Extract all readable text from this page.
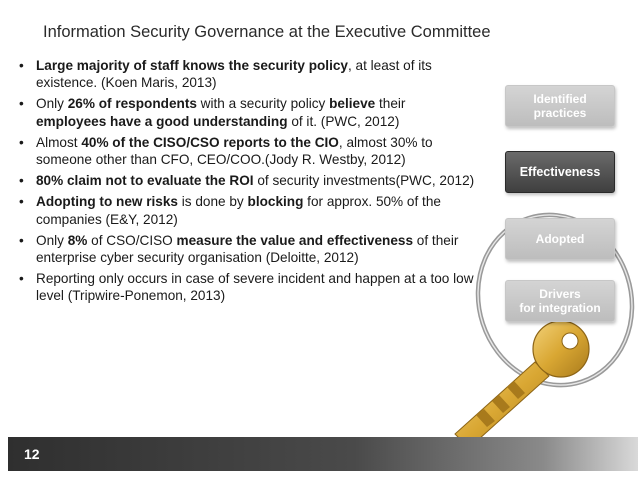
Information Security Governance at the Executive Committee
• Large majority of staff knows the security policy, at least of its existence. (Koen Maris, 2013)
• Only 26% of respondents with a security policy believe their employees have a good understanding of it. (PWC, 2012)
• Almost 40% of the CISO/CSO reports to the CIO, almost 30% to someone other than CFO, CEO/COO.(Jody R. Westby, 2012)
• 80% claim not to evaluate the ROI of security investments(PWC, 2012)
• Adopting to new risks is done by blocking for approx. 50% of the companies (E&Y, 2012)
• Only 8% of CSO/CISO measure the value and effectiveness of their enterprise cyber security organisation (Deloitte, 2012)
• Reporting only occurs in case of severe incident and happen at a too low level (Tripwire-Ponemon, 2013)
Identified
practices
Effectiveness
Adopted
Drivers
for integration
12
